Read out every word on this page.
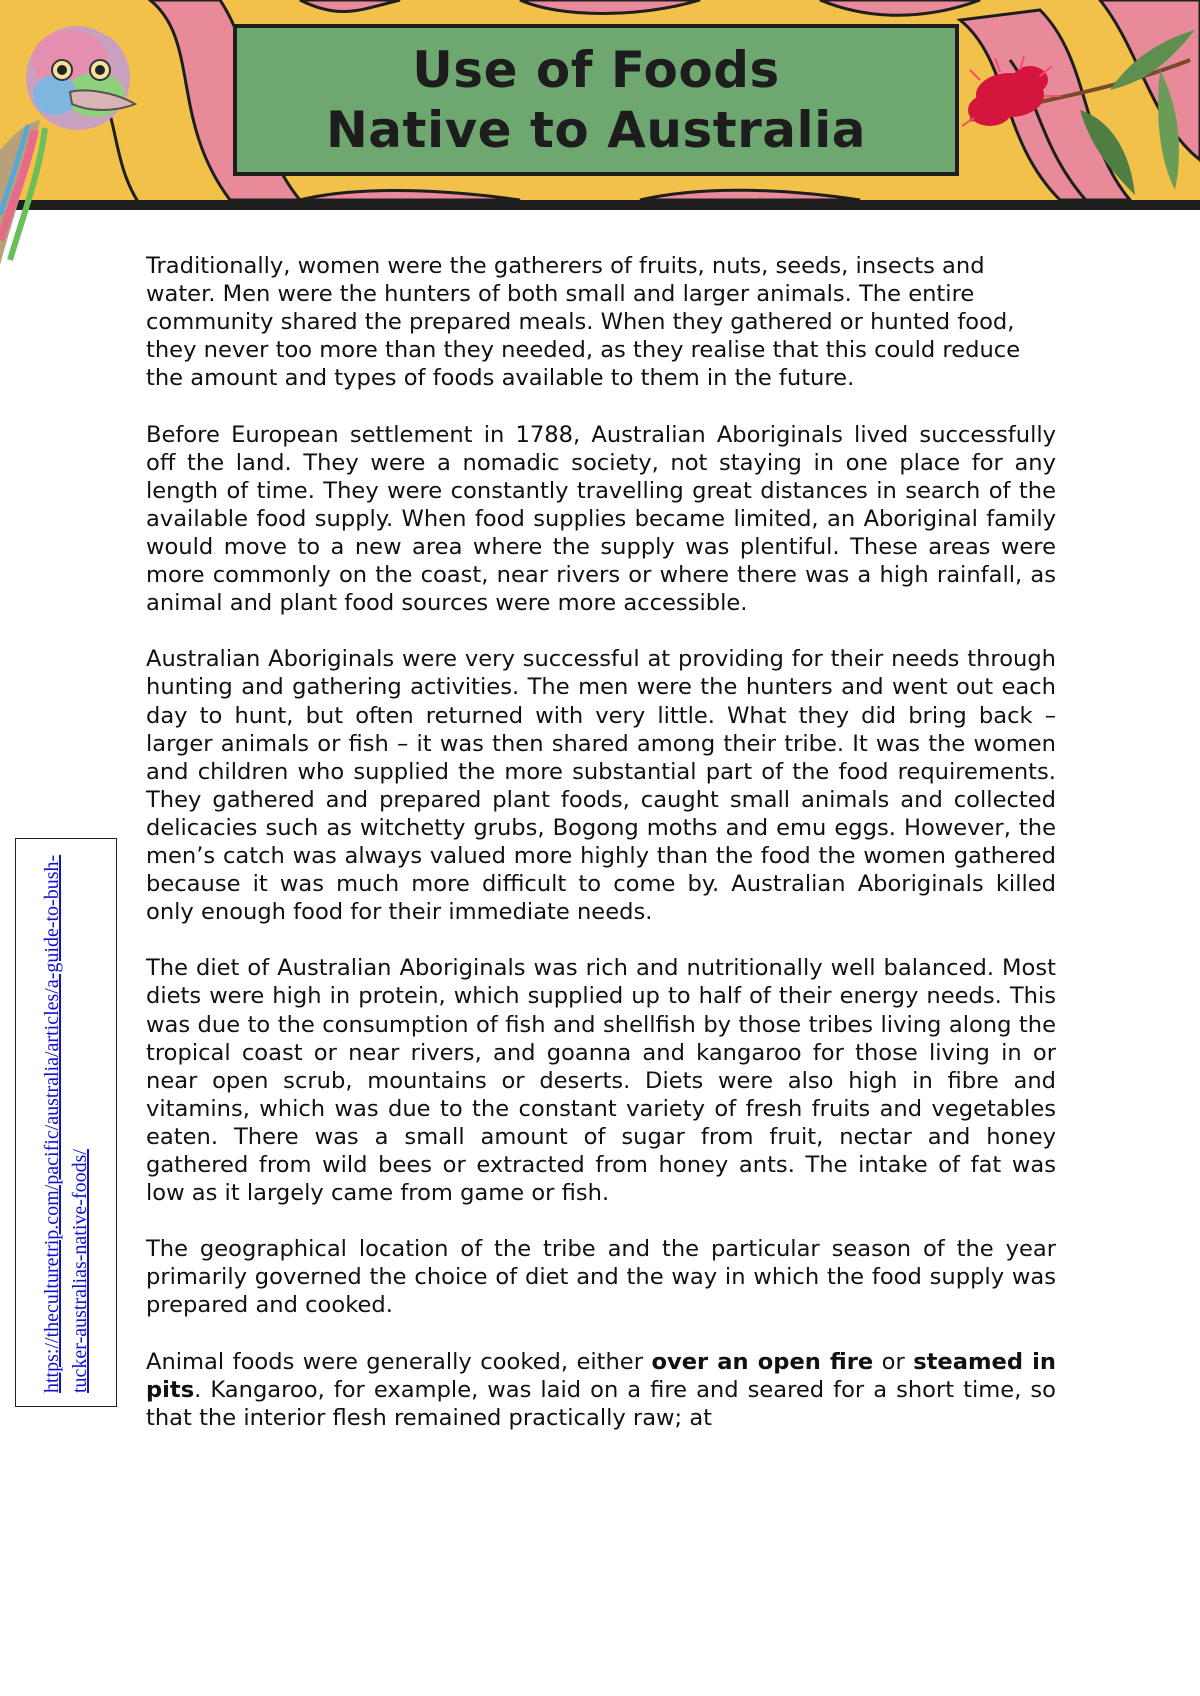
Use of Foods
Native to Australia
https://theculturetrip.com/pacific/australia/articles/a-guide-to-bush-tucker-australias-native-foods/

Traditionally, women were the gatherers of fruits, nuts, seeds, insects and water. Men were the hunters of both small and larger animals. The entire community shared the prepared meals. When they gathered or hunted food, they never too more than they needed, as they realise that this could reduce the amount and types of foods available to them in the future.

Before European settlement in 1788, Australian Aboriginals lived successfully off the land. They were a nomadic society, not staying in one place for any length of time. They were constantly travelling great distances in search of the available food supply. When food supplies became limited, an Aboriginal family would move to a new area where the supply was plentiful. These areas were more commonly on the coast, near rivers or where there was a high rainfall, as animal and plant food sources were more accessible.

Australian Aboriginals were very successful at providing for their needs through hunting and gathering activities. The men were the hunters and went out each day to hunt, but often returned with very little. What they did bring back – larger animals or fish – it was then shared among their tribe. It was the women and children who supplied the more substantial part of the food requirements. They gathered and prepared plant foods, caught small animals and collected delicacies such as witchetty grubs, Bogong moths and emu eggs. However, the men’s catch was always valued more highly than the food the women gathered because it was much more difficult to come by. Australian Aboriginals killed only enough food for their immediate needs.

The diet of Australian Aboriginals was rich and nutritionally well balanced. Most diets were high in protein, which supplied up to half of their energy needs. This was due to the consumption of fish and shellfish by those tribes living along the tropical coast or near rivers, and goanna and kangaroo for those living in or near open scrub, mountains or deserts. Diets were also high in fibre and vitamins, which was due to the constant variety of fresh fruits and vegetables eaten. There was a small amount of sugar from fruit, nectar and honey gathered from wild bees or extracted from honey ants. The intake of fat was low as it largely came from game or fish.

The geographical location of the tribe and the particular season of the year primarily governed the choice of diet and the way in which the food supply was prepared and cooked.

Animal foods were generally cooked, either over an open fire or steamed in pits. Kangaroo, for example, was laid on a fire and seared for a short time, so that the interior flesh remained practically raw; at
